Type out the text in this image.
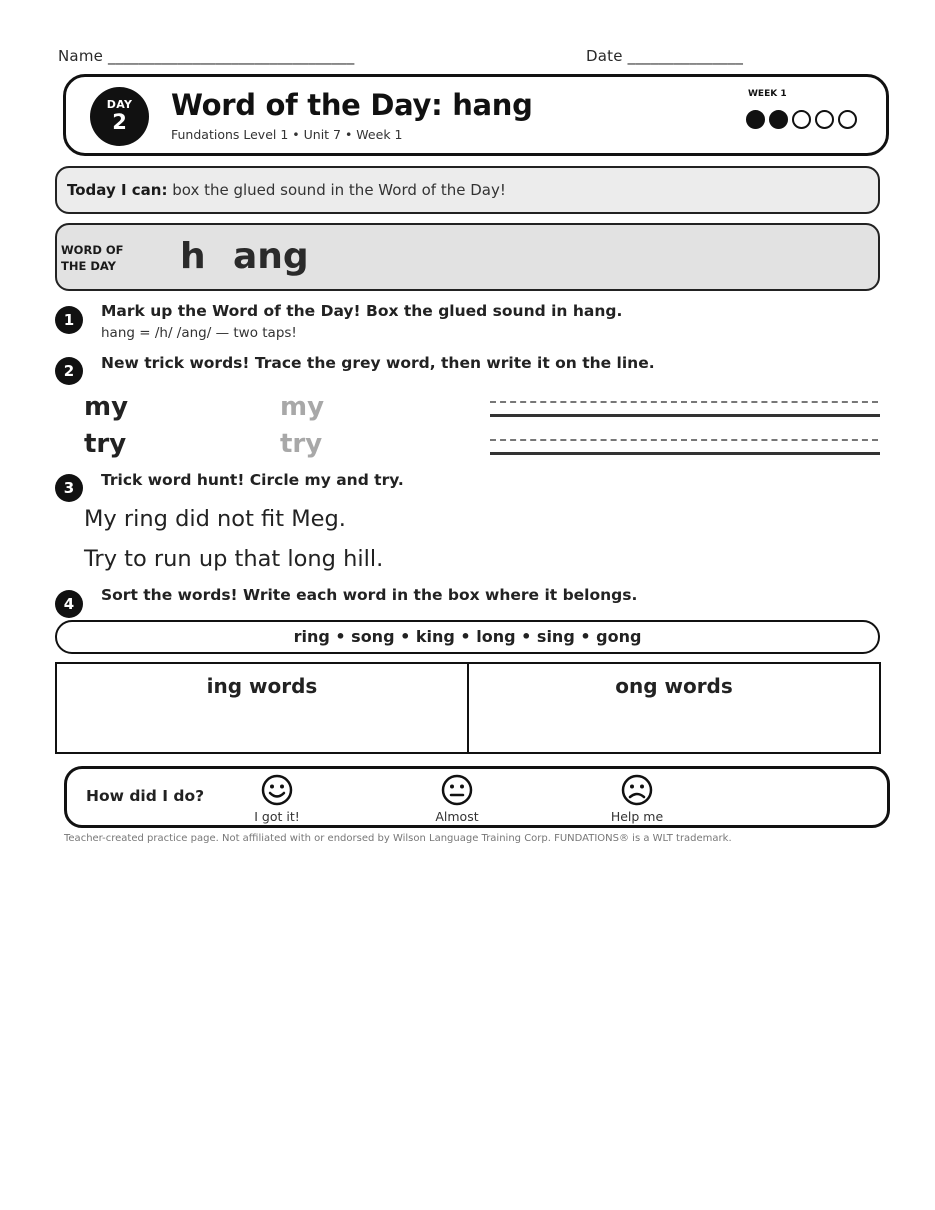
Name ________________________________	Date _______________
DAY
2	Word of the Day: hang
Fundations Level 1 • Unit 7 • Week 1
WEEK 1
Today I can: box the glued sound in the Word of the Day!
WORD OF THE DAY	h ang
1	Mark up the Word of the Day! Box the glued sound in hang.
hang = /h/ /ang/ — two taps!
2	New trick words! Trace the grey word, then write it on the line.
my	my
try	try
3	Trick word hunt! Circle my and try.
My ring did not fit Meg.
Try to run up that long hill.
4	Sort the words! Write each word in the box where it belongs.
ring • song • king • long • sing • gong
ing words	ong words
How did I do?
I got it!	Almost	Help me
Teacher-created practice page. Not affiliated with or endorsed by Wilson Language Training Corp. FUNDATIONS® is a WLT trademark.
